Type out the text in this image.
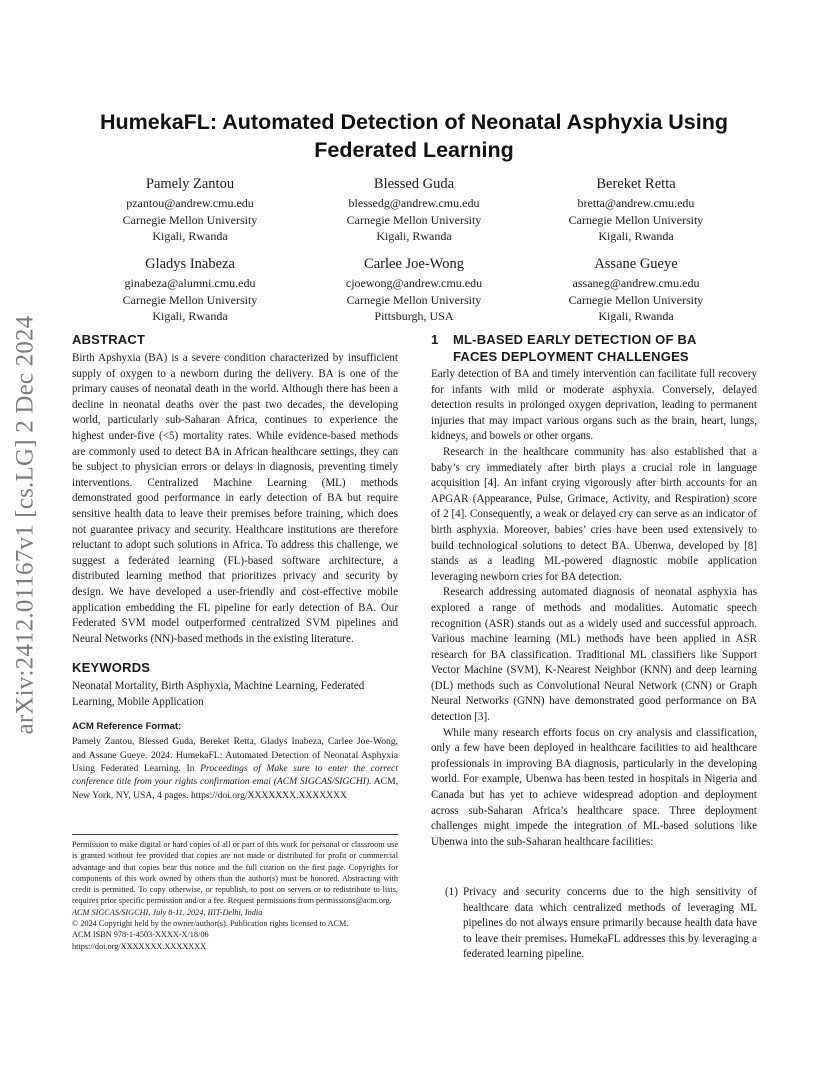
arXiv:2412.01167v1 [cs.LG] 2 Dec 2024
HumekaFL: Automated Detection of Neonatal Asphyxia Using
Federated Learning
Pamely Zantou
pzantou@andrew.cmu.edu
Carnegie Mellon University
Kigali, Rwanda
Blessed Guda
blessedg@andrew.cmu.edu
Carnegie Mellon University
Kigali, Rwanda
Bereket Retta
bretta@andrew.cmu.edu
Carnegie Mellon University
Kigali, Rwanda
Gladys Inabeza
ginabeza@alumni.cmu.edu
Carnegie Mellon University
Kigali, Rwanda
Carlee Joe-Wong
cjoewong@andrew.cmu.edu
Carnegie Mellon University
Pittsburgh, USA
Assane Gueye
assaneg@andrew.cmu.edu
Carnegie Mellon University
Kigali, Rwanda
ABSTRACT

Birth Apshyxia (BA) is a severe condition characterized by insufficient supply of oxygen to a newborn during the delivery. BA is one of the primary causes of neonatal death in the world. Although there has been a decline in neonatal deaths over the past two decades, the developing world, particularly sub-Saharan Africa, continues to experience the highest under-five (<5) mortality rates. While evidence-based methods are commonly used to detect BA in African healthcare settings, they can be subject to physician errors or delays in diagnosis, preventing timely interventions. Centralized Machine Learning (ML) methods demonstrated good performance in early detection of BA but require sensitive health data to leave their premises before training, which does not guarantee privacy and security. Healthcare institutions are therefore reluctant to adopt such solutions in Africa. To address this challenge, we suggest a federated learning (FL)-based software architecture, a distributed learning method that prioritizes privacy and security by design. We have developed a user-friendly and cost-effective mobile application embedding the FL pipeline for early detection of BA. Our Federated SVM model outperformed centralized SVM pipelines and Neural Networks (NN)-based methods in the existing literature.

KEYWORDS

Neonatal Mortality, Birth Asphyxia, Machine Learning, Federated Learning, Mobile Application

ACM Reference Format:

Pamely Zantou, Blessed Guda, Bereket Retta, Gladys Inabeza, Carlee Joe-Wong, and Assane Gueye. 2024. HumekaFL: Automated Detection of Neonatal Asphyxia Using Federated Learning. In Proceedings of Make sure to enter the correct conference title from your rights confirmation emai (ACM SIGCAS/SIGCHI). ACM, New York, NY, USA, 4 pages. https://doi.org/XXXXXXX.XXXXXXX

Permission to make digital or hard copies of all or part of this work for personal or classroom use is granted without fee provided that copies are not made or distributed for profit or commercial advantage and that copies bear this notice and the full citation on the first page. Copyrights for components of this work owned by others than the author(s) must be honored. Abstracting with credit is permitted. To copy otherwise, or republish, to post on servers or to redistribute to lists, requires prior specific permission and/or a fee. Request permissions from permissions@acm.org.
ACM SIGCAS/SIGCHI, July 8-11, 2024, IIIT-Delhi, India
© 2024 Copyright held by the owner/author(s). Publication rights licensed to ACM.
ACM ISBN 978-1-4503-XXXX-X/18/06
https://doi.org/XXXXXXX.XXXXXXX
1	ML-BASED EARLY DETECTION OF BA
FACES DEPLOYMENT CHALLENGES

Early detection of BA and timely intervention can facilitate full recovery for infants with mild or moderate asphyxia. Conversely, delayed detection results in prolonged oxygen deprivation, leading to permanent injuries that may impact various organs such as the brain, heart, lungs, kidneys, and bowels or other organs.

Research in the healthcare community has also established that a baby’s cry immediately after birth plays a crucial role in language acquisition [4]. An infant crying vigorously after birth accounts for an APGAR (Appearance, Pulse, Grimace, Activity, and Respiration) score of 2 [4]. Consequently, a weak or delayed cry can serve as an indicator of birth asphyxia. Moreover, babies’ cries have been used extensively to build technological solutions to detect BA. Ubenwa, developed by [8] stands as a leading ML-powered diagnostic mobile application leveraging newborn cries for BA detection.

Research addressing automated diagnosis of neonatal asphyxia has explored a range of methods and modalities. Automatic speech recognition (ASR) stands out as a widely used and successful approach. Various machine learning (ML) methods have been applied in ASR research for BA classification. Traditional ML classifiers like Support Vector Machine (SVM), K-Nearest Neighbor (KNN) and deep learning (DL) methods such as Convolutional Neural Network (CNN) or Graph Neural Networks (GNN) have demonstrated good performance on BA detection [3].

While many research efforts focus on cry analysis and classification, only a few have been deployed in healthcare facilities to aid healthcare professionals in improving BA diagnosis, particularly in the developing world. For example, Ubenwa has been tested in hospitals in Nigeria and Canada but has yet to achieve widespread adoption and deployment across sub-Saharan Africa’s healthcare space. Three deployment challenges might impede the integration of ML-based solutions like Ubenwa into the sub-Saharan healthcare facilities:

(1) Privacy and security concerns due to the high sensitivity of healthcare data which centralized methods of leveraging ML pipelines do not always ensure primarily because health data have to leave their premises. HumekaFL addresses this by leveraging a federated learning pipeline.
